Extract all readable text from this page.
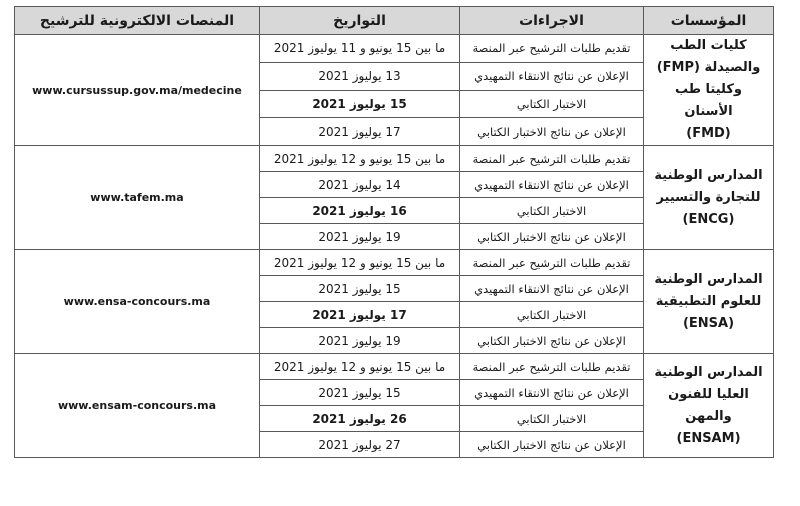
المؤسسات	الاجراءات	التواريخ	المنصات الالكترونية للترشيح

كليات الطب
والصيدلة (FMP)
وكليتا طب الأسنان
(FMD)	تقديم طلبات الترشيح عبر المنصة	ما بين 15 يونيو و 11 يوليوز 2021	www.cursussup.gov.ma/medecine
	الإعلان عن نتائج الانتقاء التمهيدي	13 يوليوز 2021	
	الاختبار الكتابي	15 يوليوز 2021	
	الإعلان عن نتائج الاختبار الكتابي	17 يوليوز 2021	

المدارس الوطنية
للتجارة والتسيير
(ENCG)	تقديم طلبات الترشيح عبر المنصة	ما بين 15 يونيو و 12 يوليوز 2021	www.tafem.ma
	الإعلان عن نتائج الانتقاء التمهيدي	14 يوليوز 2021	
	الاختبار الكتابي	16 يوليوز 2021	
	الإعلان عن نتائج الاختبار الكتابي	19 يوليوز 2021	

المدارس الوطنية
للعلوم التطبيقية
(ENSA)	تقديم طلبات الترشيح عبر المنصة	ما بين 15 يونيو و 12 يوليوز 2021	www.ensa-concours.ma
	الإعلان عن نتائج الانتقاء التمهيدي	15 يوليوز 2021	
	الاختبار الكتابي	17 يوليوز 2021	
	الإعلان عن نتائج الاختبار الكتابي	19 يوليوز 2021	

المدارس الوطنية
العليا للفنون والمهن
(ENSAM)	تقديم طلبات الترشيح عبر المنصة	ما بين 15 يونيو و 12 يوليوز 2021	www.ensam-concours.ma
	الإعلان عن نتائج الانتقاء التمهيدي	15 يوليوز 2021	
	الاختبار الكتابي	26 يوليوز 2021	
	الإعلان عن نتائج الاختبار الكتابي	27 يوليوز 2021	
